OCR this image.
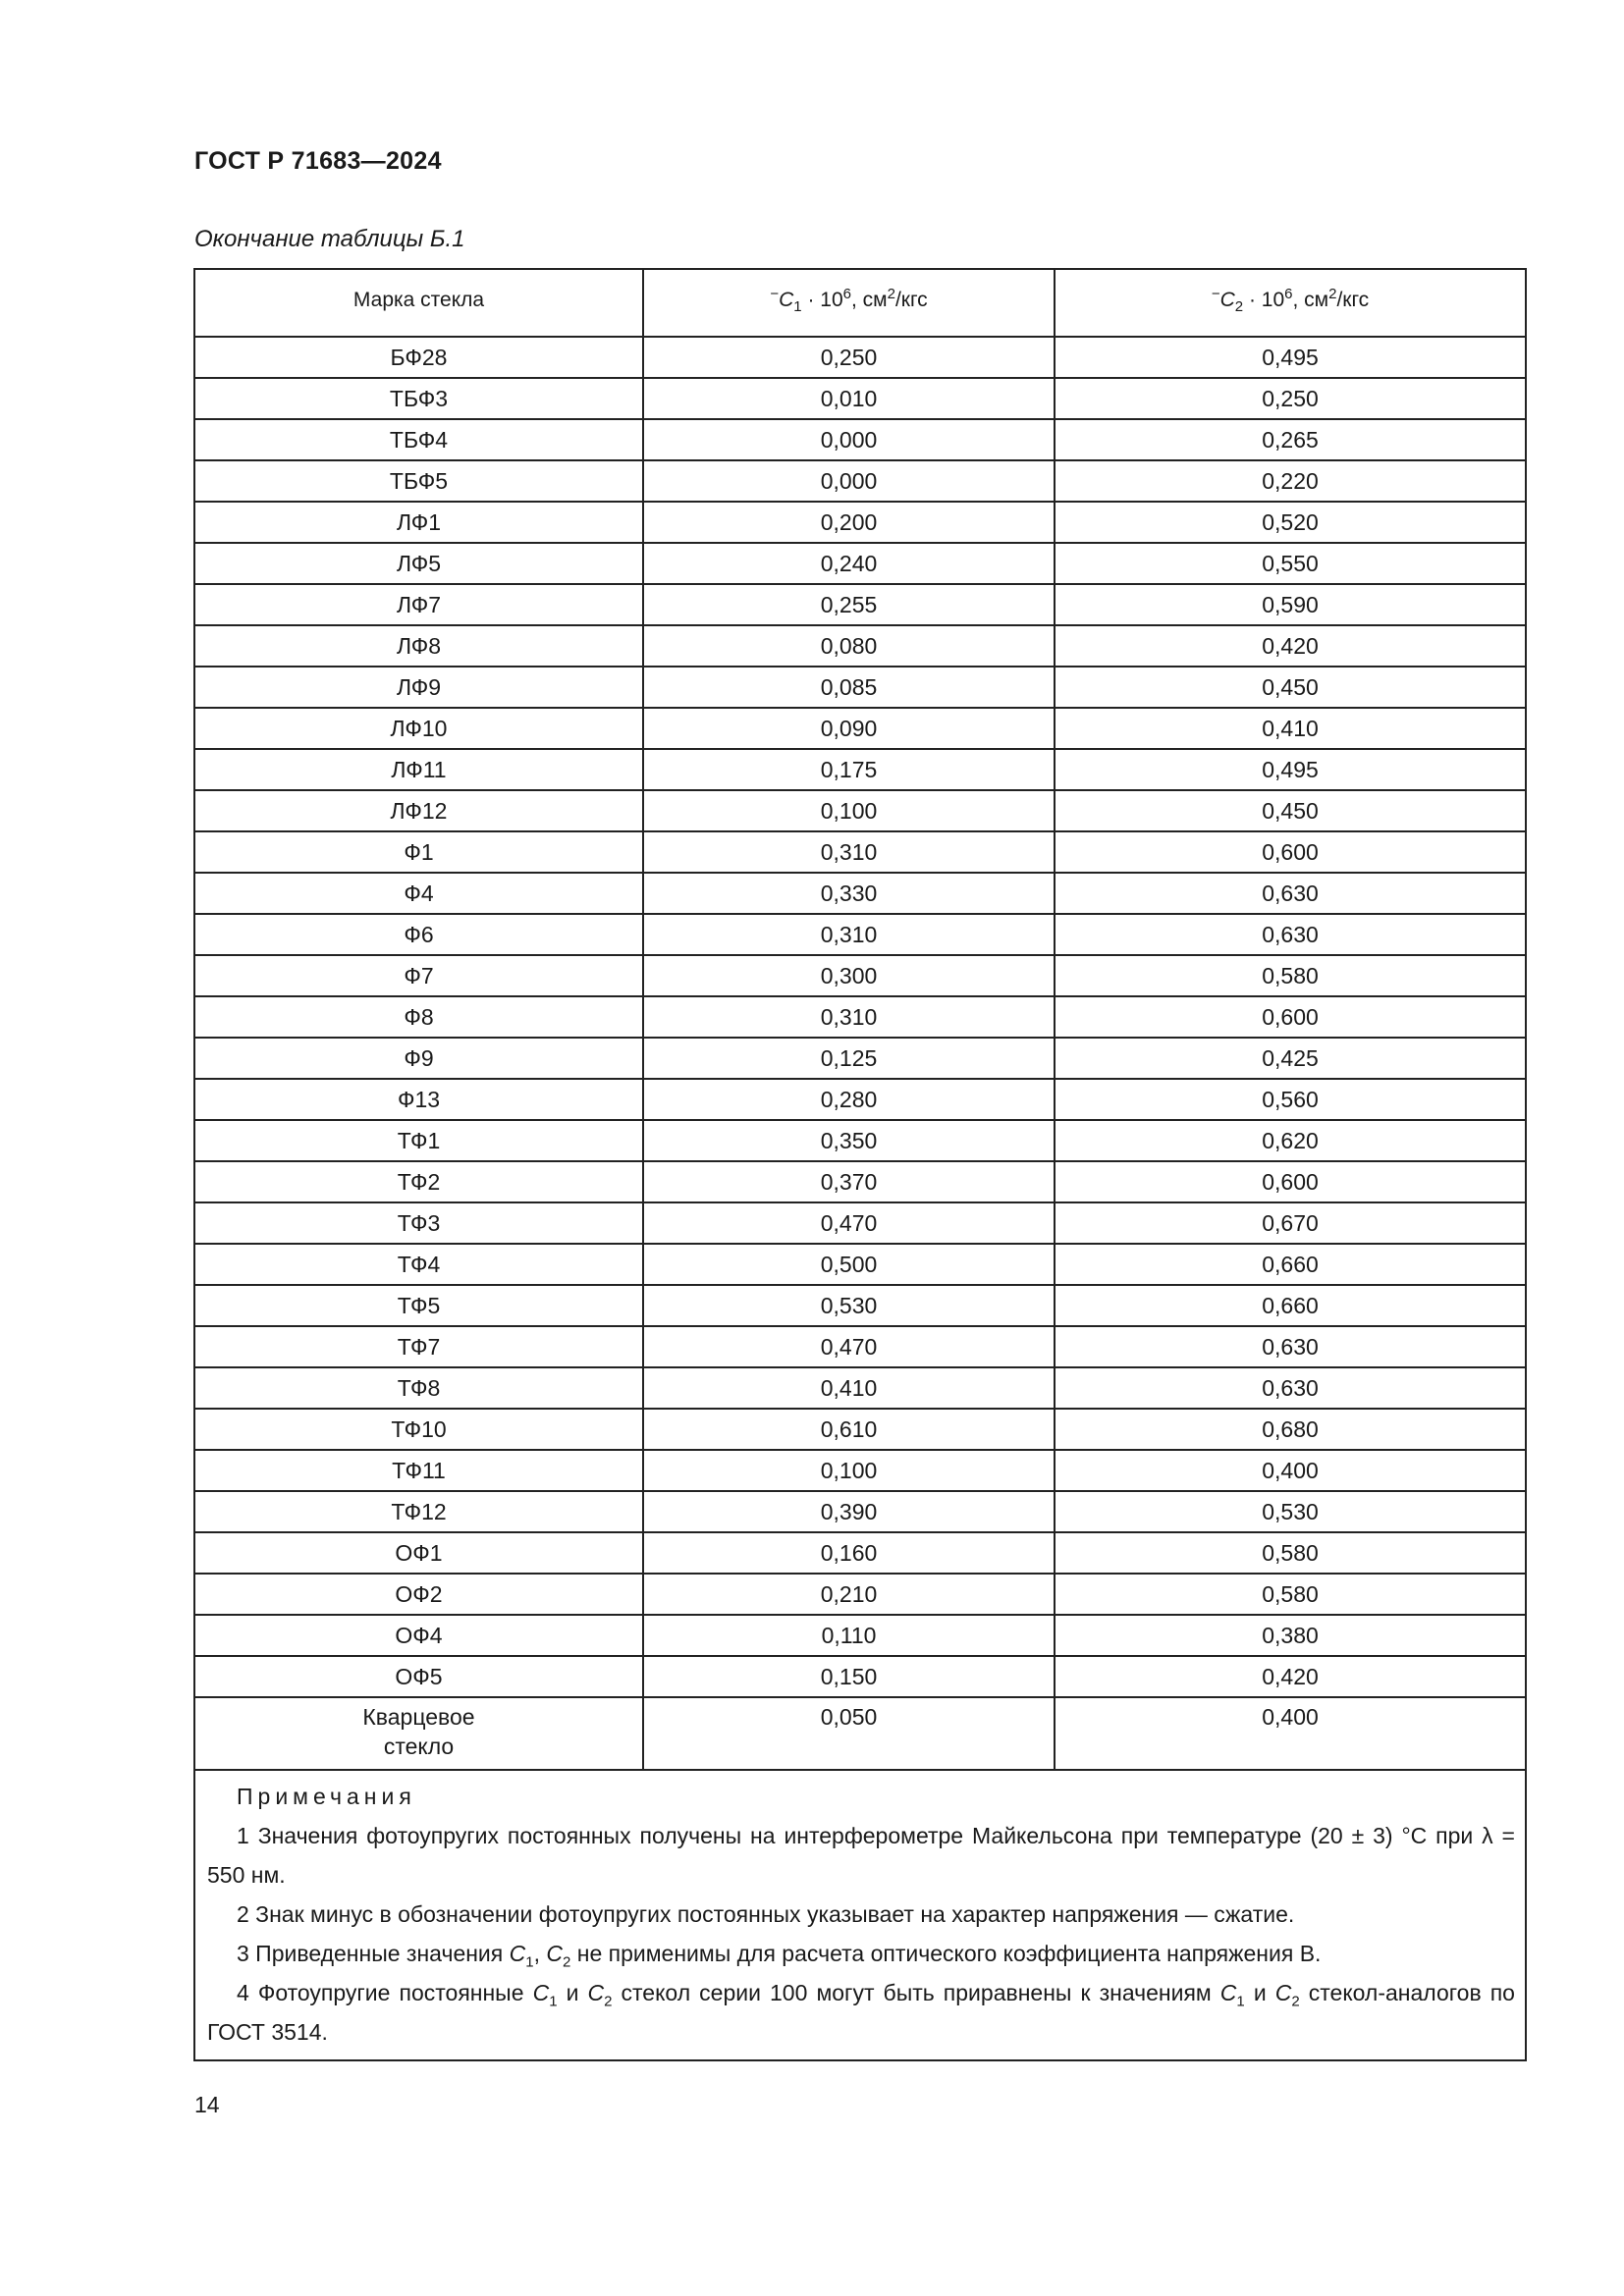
ГОСТ Р 71683—2024
Окончание таблицы Б.1
Марка стекла	$^-C_1 \cdot 10^6$, $см^2$/кгс	$^-C_2 \cdot 10^6$, $см^2$/кгс

БФ28	0,250	0,495
ТБФ3	0,010	0,250
ТБФ4	0,000	0,265
ТБФ5	0,000	0,220
ЛФ1	0,200	0,520
ЛФ5	0,240	0,550
ЛФ7	0,255	0,590
ЛФ8	0,080	0,420
ЛФ9	0,085	0,450
ЛФ10	0,090	0,410
ЛФ11	0,175	0,495
ЛФ12	0,100	0,450
Ф1	0,310	0,600
Ф4	0,330	0,630
Ф6	0,310	0,630
Ф7	0,300	0,580
Ф8	0,310	0,600
Ф9	0,125	0,425
Ф13	0,280	0,560
ТФ1	0,350	0,620
ТФ2	0,370	0,600
ТФ3	0,470	0,670
ТФ4	0,500	0,660
ТФ5	0,530	0,660
ТФ7	0,470	0,630
ТФ8	0,410	0,630
ТФ10	0,610	0,680
ТФ11	0,100	0,400
ТФ12	0,390	0,530
ОФ1	0,160	0,580
ОФ2	0,210	0,580
ОФ4	0,110	0,380
ОФ5	0,150	0,420
Кварцевое
стекло	0,050	0,400

Примечания
1 Значения фотоупругих постоянных получены на интерферометре Майкельсона при температуре (20 ± 3) °С при λ = 550 нм.
2 Знак минус в обозначении фотоупругих постоянных указывает на характер напряжения — сжатие.
3 Приведенные значения $C_1$, $C_2$ не применимы для расчета оптического коэффициента напряжения B.
4 Фотоупругие постоянные $C_1$ и $C_2$ стекол серии 100 могут быть приравнены к значениям $C_1$ и $C_2$ стекол-аналогов по ГОСТ 3514.		
14
